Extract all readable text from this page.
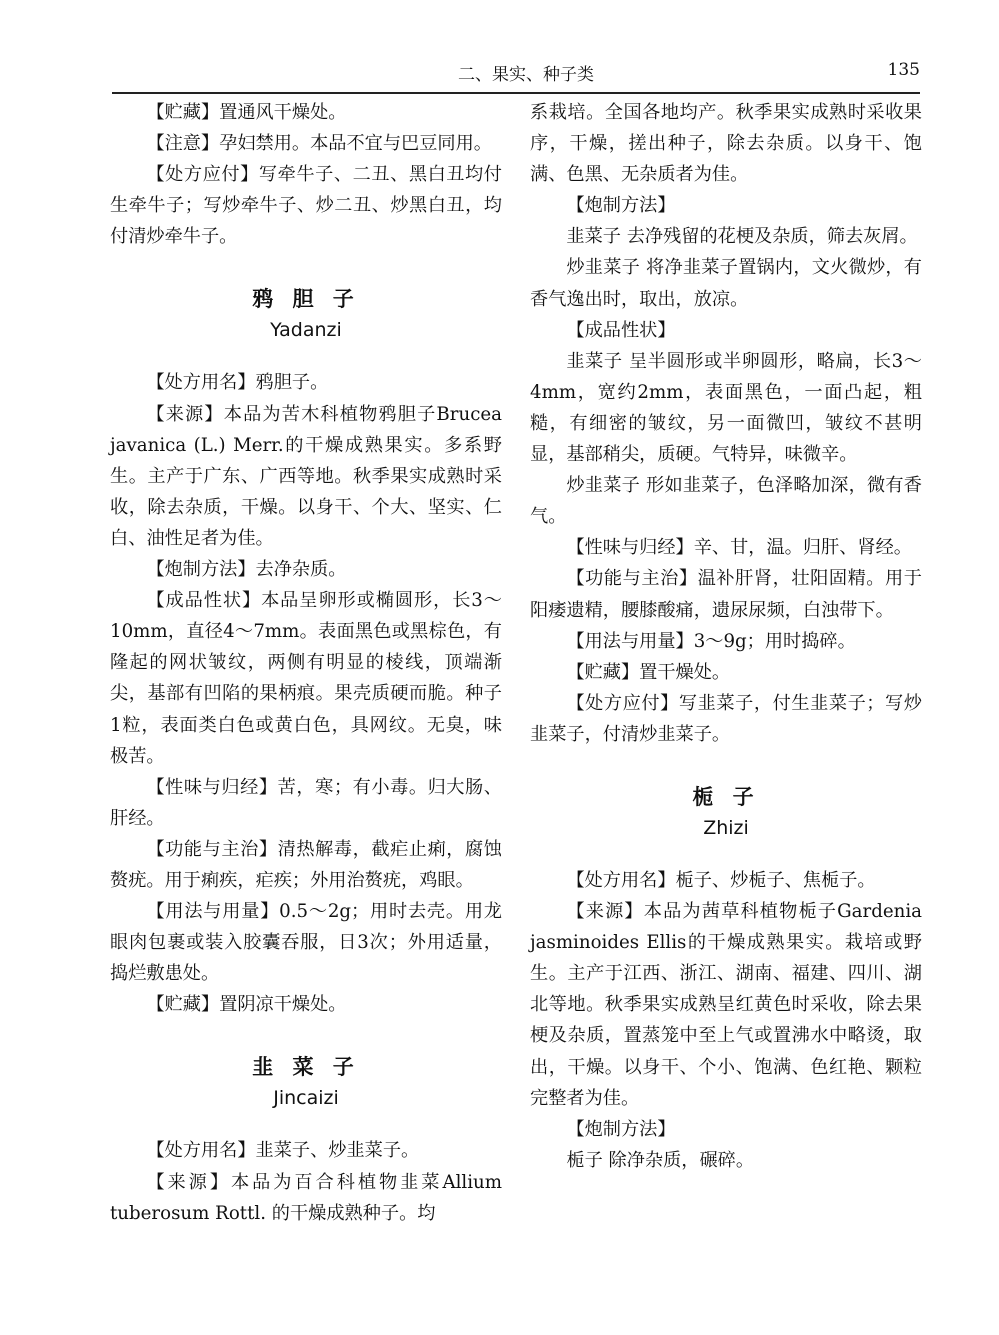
二、果实、种子类	135

【贮藏】置通风干燥处。

【注意】孕妇禁用。本品不宜与巴豆同用。

【处方应付】写牵牛子、二丑、黑白丑均付生牵牛子；写炒牵牛子、炒二丑、炒黑白丑，均付清炒牵牛子。

鸦 胆 子
Yadanzi

【处方用名】鸦胆子。

【来源】本品为苦木科植物鸦胆子Brucea javanica (L.) Merr.的干燥成熟果实。多系野生。主产于广东、广西等地。秋季果实成熟时采收，除去杂质，干燥。以身干、个大、坚实、仁白、油性足者为佳。

【炮制方法】去净杂质。

【成品性状】本品呈卵形或椭圆形，长3～10mm，直径4～7mm。表面黑色或黑棕色，有隆起的网状皱纹，两侧有明显的棱线，顶端渐尖，基部有凹陷的果柄痕。果壳质硬而脆。种子1粒，表面类白色或黄白色，具网纹。无臭，味极苦。

【性味与归经】苦，寒；有小毒。归大肠、肝经。

【功能与主治】清热解毒，截疟止痢，腐蚀赘疣。用于痢疾，疟疾；外用治赘疣，鸡眼。

【用法与用量】0.5～2g；用时去壳。用龙眼肉包裹或装入胶囊吞服，日3次；外用适量，捣烂敷患处。

【贮藏】置阴凉干燥处。

韭 菜 子
Jincaizi

【处方用名】韭菜子、炒韭菜子。

【来源】本品为百合科植物韭菜Allium tuberosum Rottl. 的干燥成熟种子。均

系栽培。全国各地均产。秋季果实成熟时采收果序，干燥，搓出种子，除去杂质。以身干、饱满、色黑、无杂质者为佳。

【炮制方法】

韭菜子 去净残留的花梗及杂质，筛去灰屑。

炒韭菜子 将净韭菜子置锅内，文火微炒，有香气逸出时，取出，放凉。

【成品性状】

韭菜子 呈半圆形或半卵圆形，略扁，长3～4mm，宽约2mm，表面黑色，一面凸起，粗糙，有细密的皱纹，另一面微凹，皱纹不甚明显，基部稍尖，质硬。气特异，味微辛。

炒韭菜子 形如韭菜子，色泽略加深，微有香气。

【性味与归经】辛、甘，温。归肝、肾经。

【功能与主治】温补肝肾，壮阳固精。用于阳痿遗精，腰膝酸痛，遗尿尿频，白浊带下。

【用法与用量】3～9g；用时捣碎。

【贮藏】置干燥处。

【处方应付】写韭菜子，付生韭菜子；写炒韭菜子，付清炒韭菜子。

栀 子
Zhizi

【处方用名】栀子、炒栀子、焦栀子。

【来源】本品为茜草科植物栀子Gardenia jasminoides Ellis的干燥成熟果实。栽培或野生。主产于江西、浙江、湖南、福建、四川、湖北等地。秋季果实成熟呈红黄色时采收，除去果梗及杂质，置蒸笼中至上气或置沸水中略烫，取出，干燥。以身干、个小、饱满、色红艳、颗粒完整者为佳。

【炮制方法】

栀子 除净杂质，碾碎。
